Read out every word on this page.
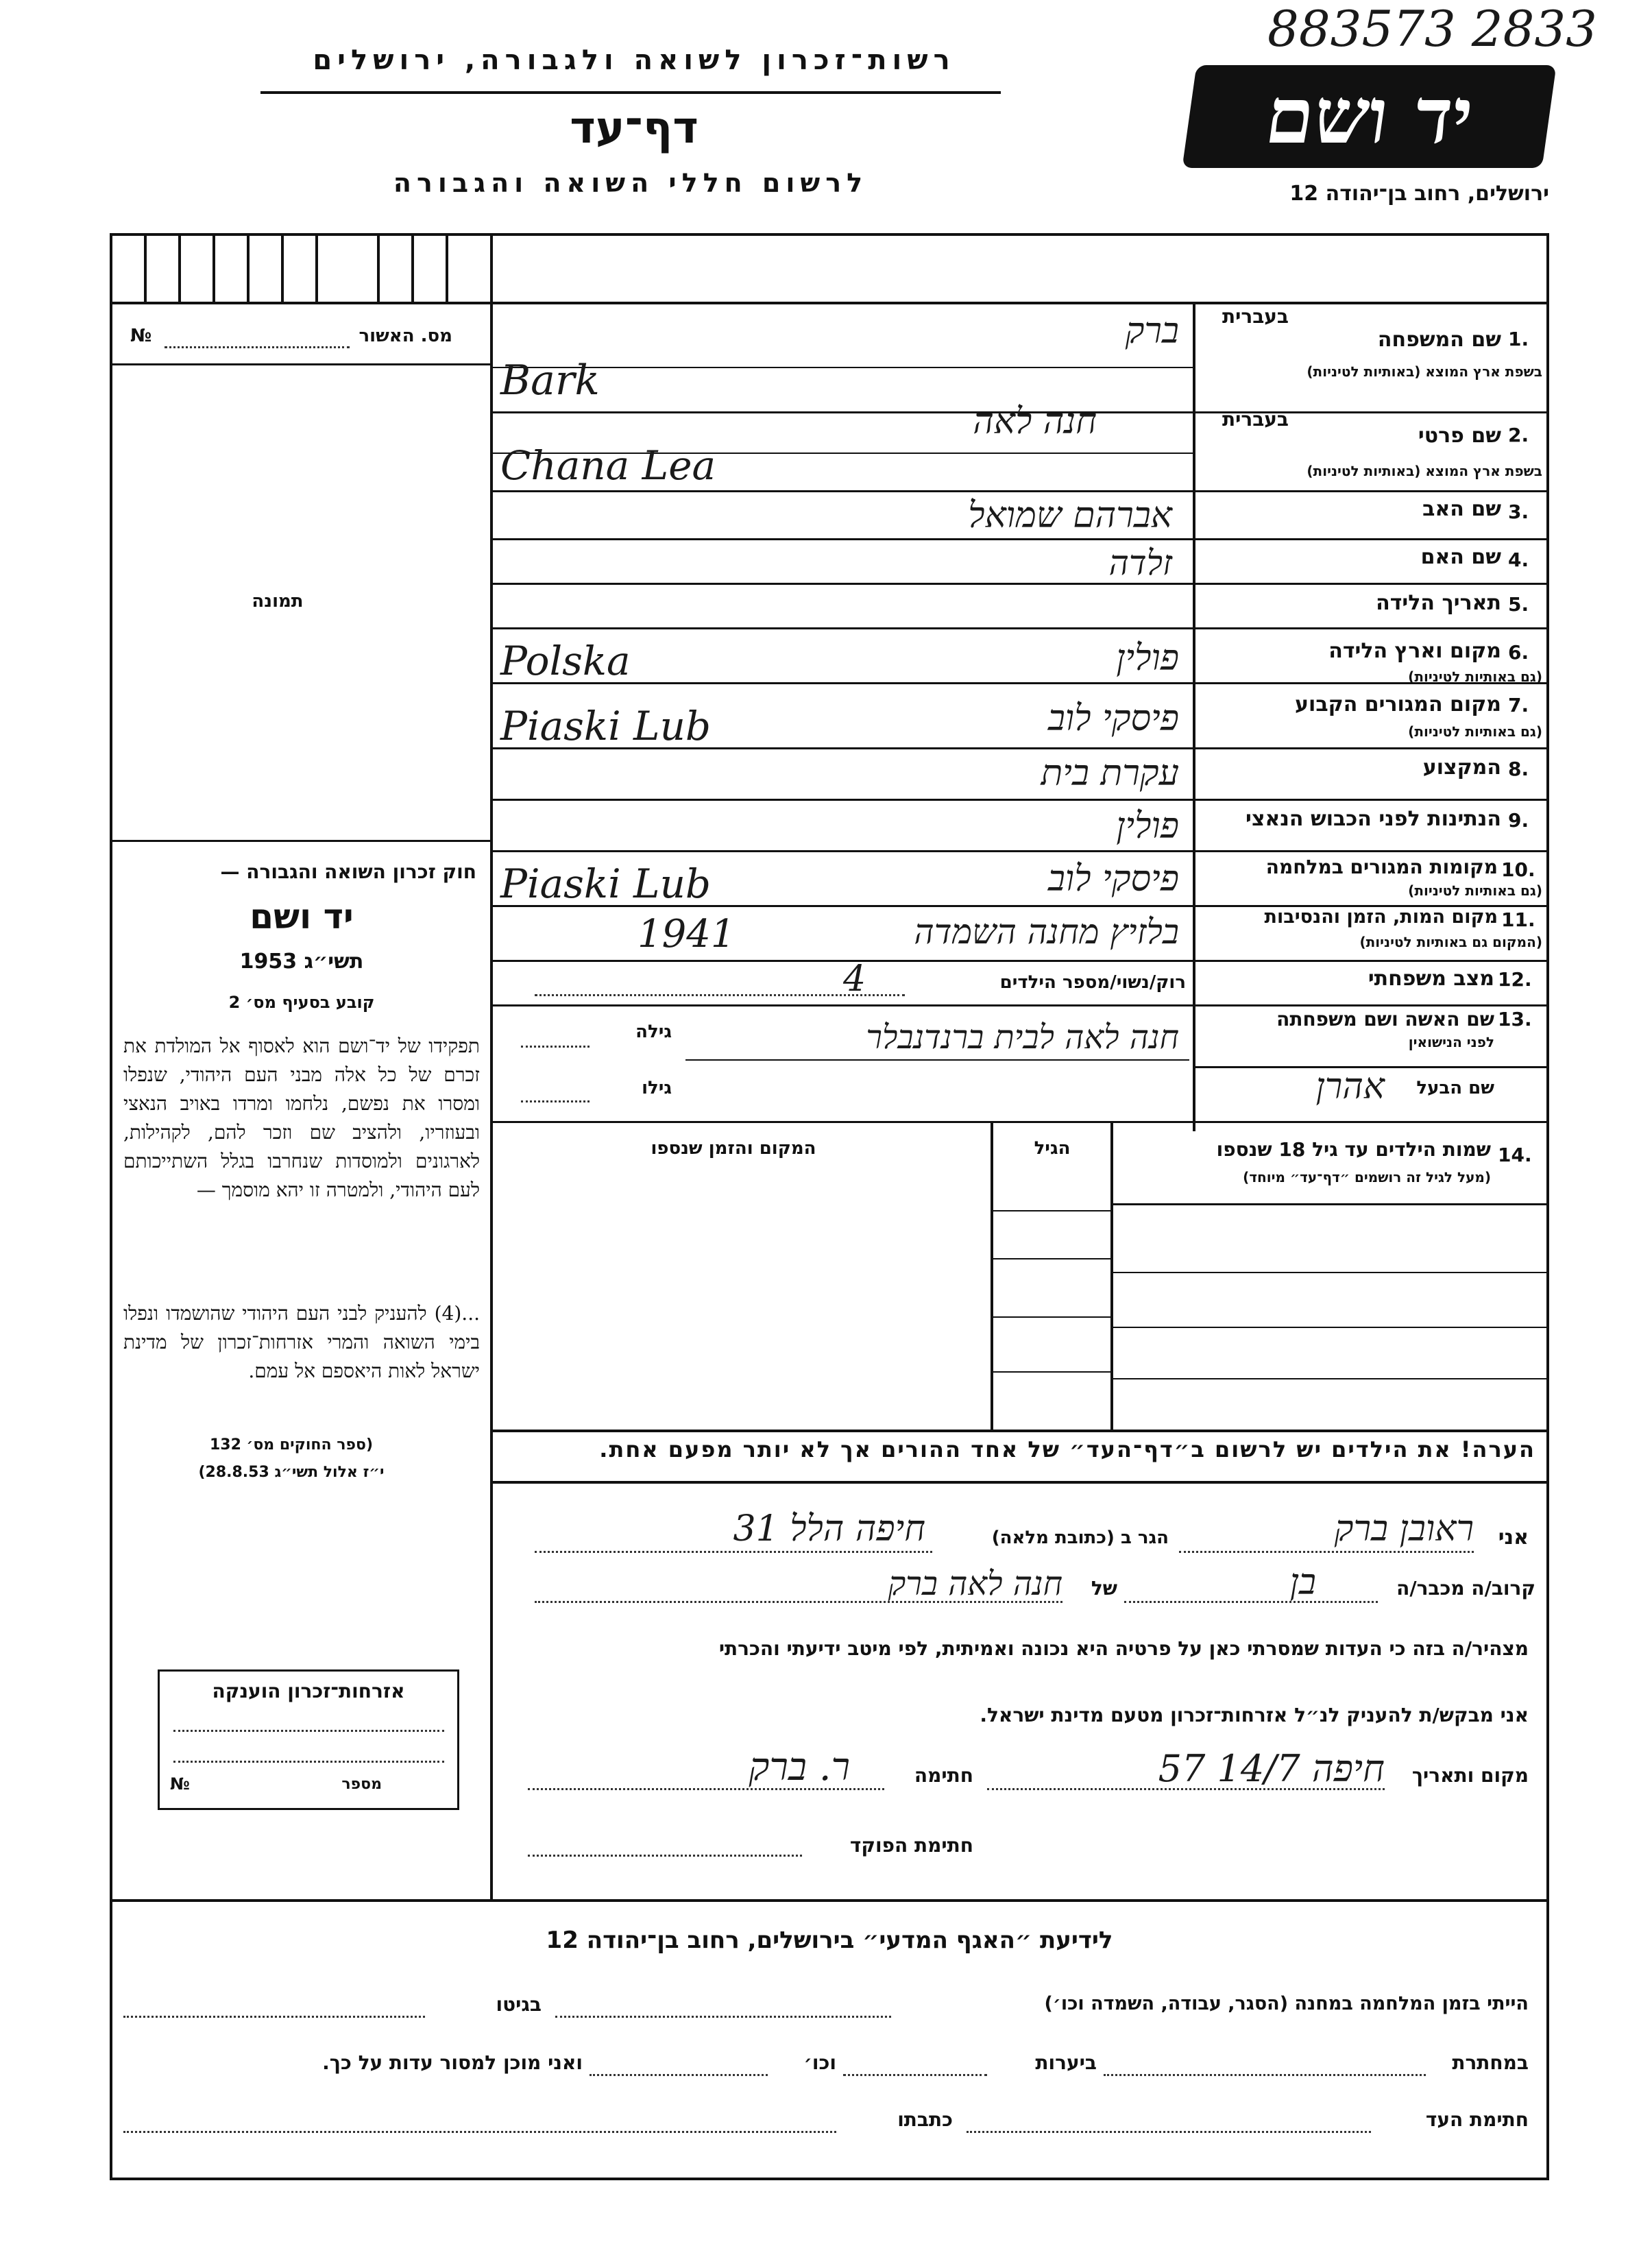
רשות־זכרון לשואה ולגבורה, ירושלים
דף־עד
לרשום חללי השואה והגבורה
883573 2833
יד ושם
ירושלים, רחוב בן־יהודה 12
מס. האשור
№
תמונה
חוק זכרון השואה והגבורה —
יד ושם
תשי״ג 1953
קובע בסעיף מס׳ 2
תפקידו של יד־ושם הוא לאסוף אל המולדת את זכרם של כל אלה מבני העם היהודי, שנפלו ומסרו את נפשם, נלחמו ומרדו באויב הנאצי ובעוזריו, ולהציב שם וזכר להם, לקהילות, לארגונים ולמוסדות שנחרבו בגלל השתייכותם לעם היהודי, ולמטרה זו יהא מוסמך —
...(4) להעניק לבני העם היהודי שהושמדו ונפלו בימי השואה והמרי אזרחות־זכרון של מדינת ישראל לאות היאספם אל עמם.
(ספר החוקים מס׳ 132
י״ז אלול תשי״ג 28.8.53)
אזרחות־זכרון הוענקה
מספר
№
1.
שם המשפחה
בשפת ארץ המוצא (באותיות לטיניות)
בעברית
ברק
Bark
2.
שם פרטי
בשפת ארץ המוצא (באותיות לטיניות)
בעברית
חנה לאה
Chana Lea
3.
שם האב
אברהם שמואל
4.
שם האם
זלדה
5.
תאריך הלידה
6.
מקום וארץ הלידה
(גם באותיות לטיניות)
פולין
Polska
7.
מקום המגורים הקבוע
(גם באותיות לטיניות)
פיסקי לוב
Piaski Lub
8.
המקצוע
עקרת בית
9.
הנתינות לפני הכבוש הנאצי
פולין
10.
מקומות המגורים במלחמה
(גם באותיות לטיניות)
פיסקי לוב
Piaski Lub
11.
מקום המות, הזמן והנסיבות
(המקום גם באותיות לטיניות)
בלזיץ מחנה השמדה
1941
12.
מצב משפחתי
רוק/נשוי/מספר הילדים
4
13.
שם האשה ושם משפחתה
לפני הנישואין
גילה	חנה לאה לבית ברנדנבלר
שם הבעל
אהרן
גילו
14.
שמות הילדים עד גיל 18 שנספו
(מעל לגיל זה רושמים ״דף־עד״ מיוחד)
הגיל
המקום והזמן שנספו
הערה! את הילדים יש לרשום ב״דף־העד״ של אחד ההורים אך לא יותר מפעם אחת.
אני
ראובן ברק
הגר ב (כתובת מלאה)
חיפה הלל 31
קרוב/ה מכבר/ה
בן
של
חנה לאה ברק
מצהיר/ה בזה כי העדות שמסרתי כאן על פרטיה היא נכונה ואמיתית, לפי מיטב ידיעתי והכרתי
אני מבקש/ת להעניק לנ״ל אזרחות־זכרון מטעם מדינת ישראל.
מקום ותאריך
חיפה 14/7 57
חתימה
ר. ברק
חתימת הפוקד
לידיעת ״האגף המדעי״ בירושלים, רחוב בן־יהודה 12
הייתי בזמן המלחמה במחנה (הסגר, עבודה, השמדה וכו׳)
בגיטו
במחתרת
ביערות
וכו׳
ואני מוכן למסור עדות על כך.
חתימת העד
כתבתו
